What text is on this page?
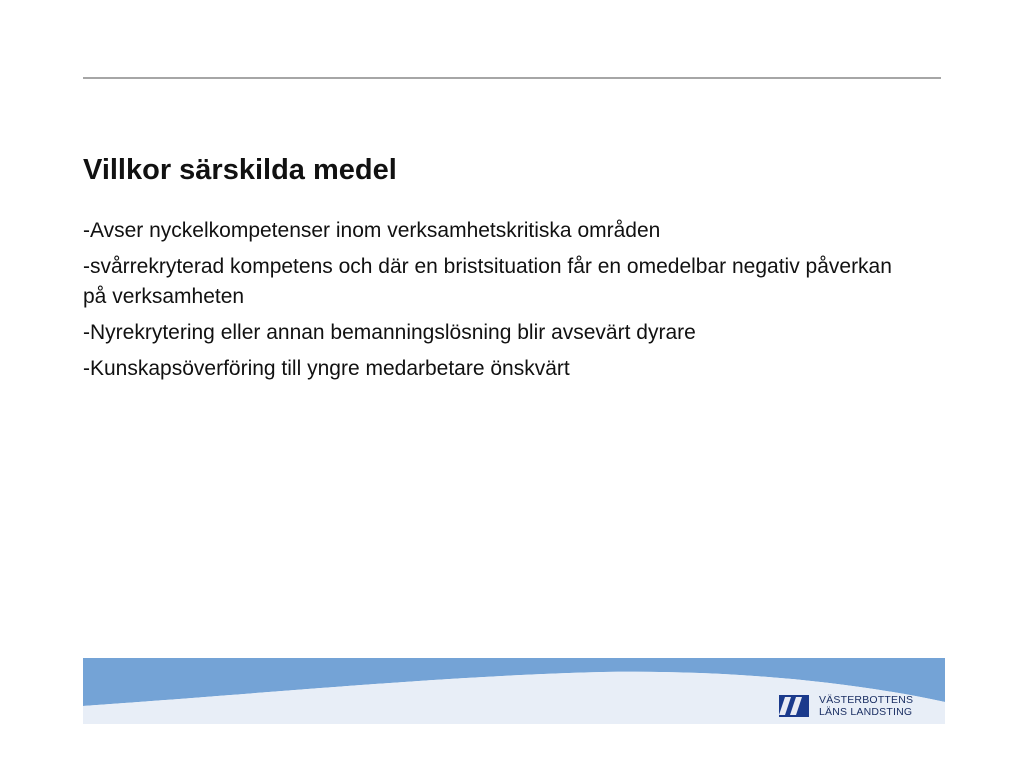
Villkor särskilda medel
-Avser nyckelkompetenser inom verksamhetskritiska områden
-svårrekryterad kompetens och där en bristsituation får en omedelbar negativ påverkan på verksamheten
-Nyrekrytering eller annan bemanningslösning blir avsevärt dyrare
-Kunskapsöverföring till yngre medarbetare önskvärt
VÄSTERBOTTENS
LÄNS LANDSTING
